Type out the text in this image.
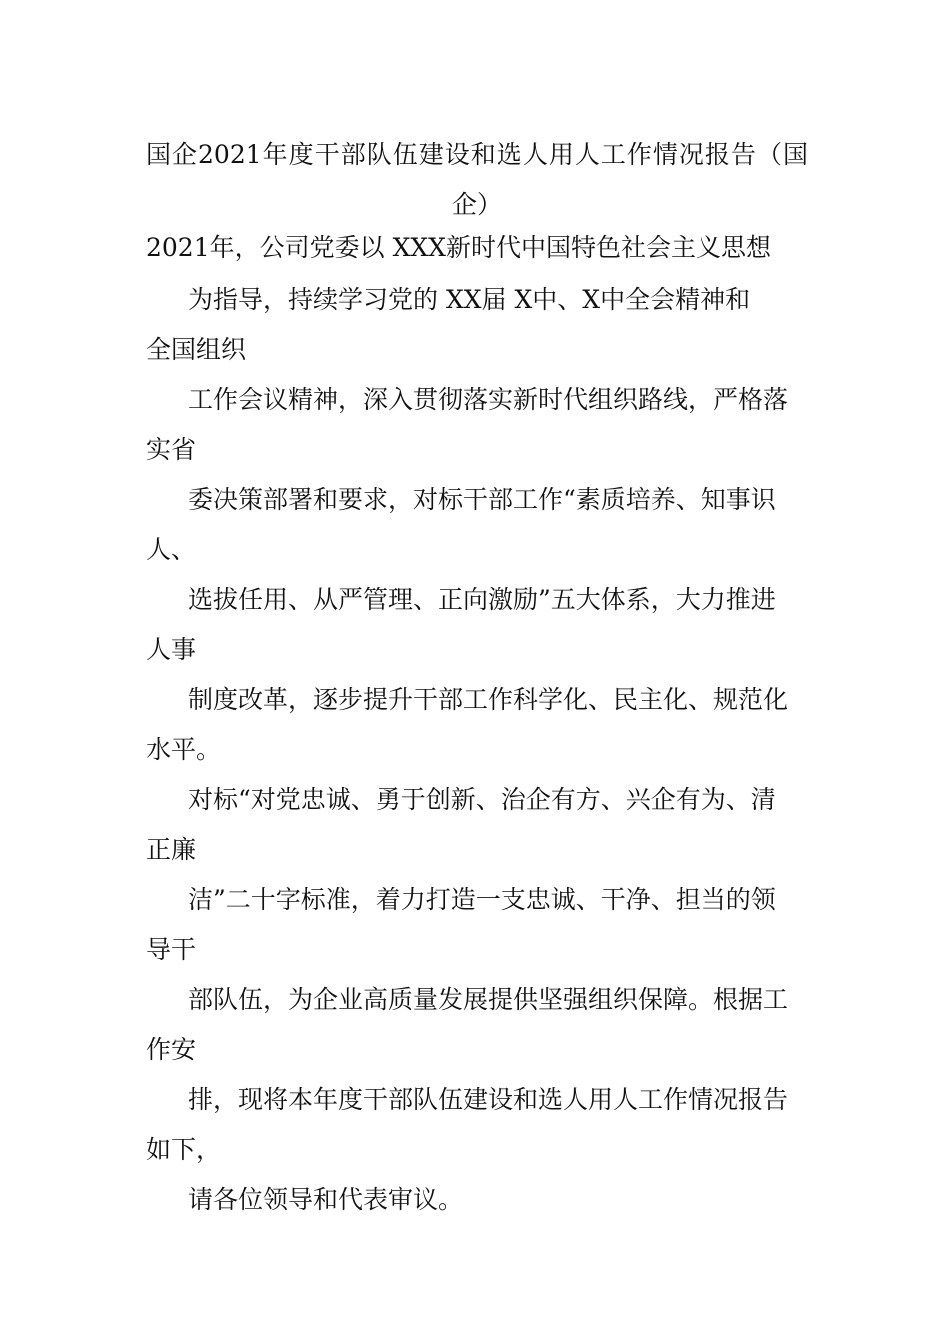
国企2021年度干部队伍建设和选人用人工作情况报告（国企）
2021年，公司党委以 XXX新时代中国特色社会主义思想
为指导，持续学习党的 XX届 X中、X中全会精神和
全国组织
工作会议精神，深入贯彻落实新时代组织路线，严格落
实省
委决策部署和要求，对标干部工作“素质培养、知事识
人、
选拔任用、从严管理、正向激励”五大体系，大力推进
人事
制度改革，逐步提升干部工作科学化、民主化、规范化
水平。
对标“对党忠诚、勇于创新、治企有方、兴企有为、清
正廉
洁”二十字标准，着力打造一支忠诚、干净、担当的领
导干
部队伍，为企业高质量发展提供坚强组织保障。根据工
作安
排，现将本年度干部队伍建设和选人用人工作情况报告
如下，
请各位领导和代表审议。
